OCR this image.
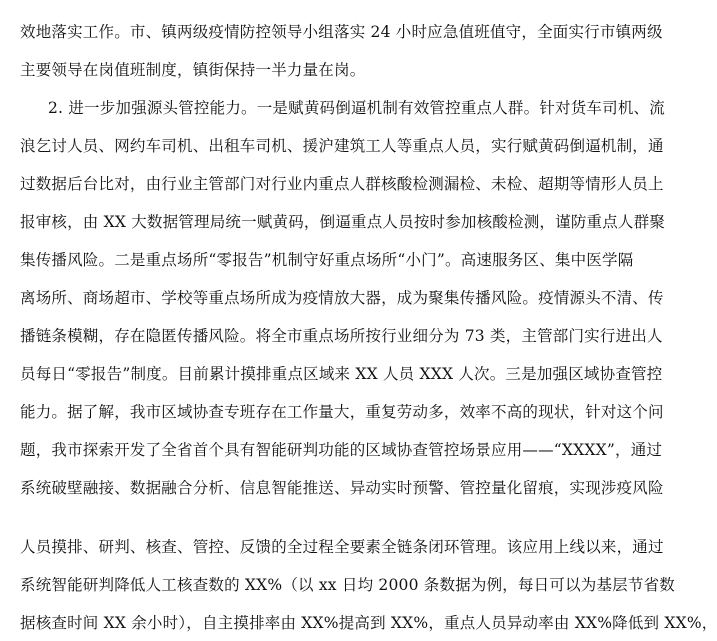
效地落实工作。市、镇两级疫情防控领导小组落实 24 小时应急值班值守，全面实行市镇两级
主要领导在岗值班制度，镇街保持一半力量在岗。
2. 进一步加强源头管控能力。一是赋黄码倒逼机制有效管控重点人群。针对货车司机、流
浪乞讨人员、网约车司机、出租车司机、援沪建筑工人等重点人员，实行赋黄码倒逼机制，通
过数据后台比对，由行业主管部门对行业内重点人群核酸检测漏检、未检、超期等情形人员上
报审核，由 XX 大数据管理局统一赋黄码，倒逼重点人员按时参加核酸检测，谨防重点人群聚
集传播风险。二是重点场所“零报告”机制守好重点场所“小门”。高速服务区、集中医学隔
离场所、商场超市、学校等重点场所成为疫情放大器，成为聚集传播风险。疫情源头不清、传
播链条模糊，存在隐匿传播风险。将全市重点场所按行业细分为 73 类，主管部门实行进出人
员每日“零报告”制度。目前累计摸排重点区域来 XX 人员 XXX 人次。三是加强区域协查管控
能力。据了解，我市区域协查专班存在工作量大，重复劳动多，效率不高的现状，针对这个问
题，我市探索开发了全省首个具有智能研判功能的区域协查管控场景应用——“XXXX”，通过
系统破壁融接、数据融合分析、信息智能推送、异动实时预警、管控量化留痕，实现涉疫风险
人员摸排、研判、核查、管控、反馈的全过程全要素全链条闭环管理。该应用上线以来，通过
系统智能研判降低人工核查数的 XX%（以 xx 日均 2000 条数据为例，每日可以为基层节省数
据核查时间 XX 余小时），自主摸排率由 XX%提高到 XX%，重点人员异动率由 XX%降低到 XX%，
